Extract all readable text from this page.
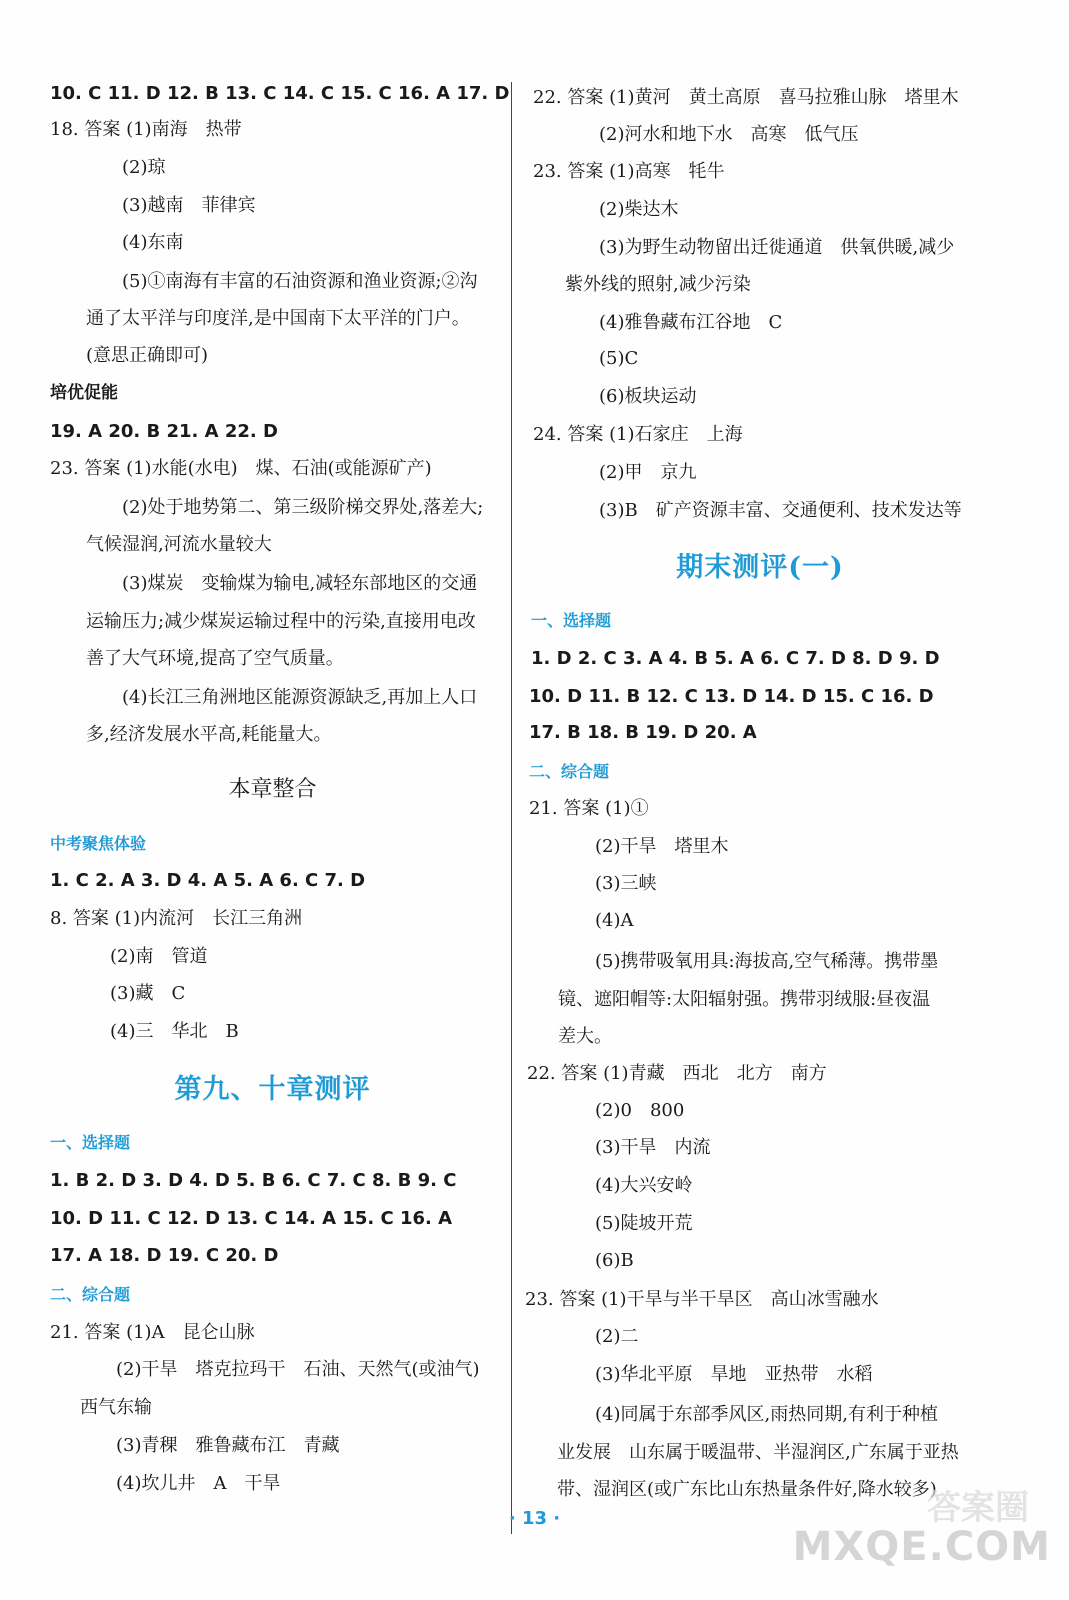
10. C 11. D 12. B 13. C 14. C 15. C 16. A 17. D
18. 答案 (1)南海　热带
(2)琼
(3)越南　菲律宾
(4)东南
(5)①南海有丰富的石油资源和渔业资源;②沟
通了太平洋与印度洋,是中国南下太平洋的门户。
(意思正确即可)
培优促能
19. A 20. B 21. A 22. D
23. 答案 (1)水能(水电)　煤、石油(或能源矿产)
(2)处于地势第二、第三级阶梯交界处,落差大;
气候湿润,河流水量较大
(3)煤炭　变输煤为输电,减轻东部地区的交通
运输压力;减少煤炭运输过程中的污染,直接用电改
善了大气环境,提高了空气质量。
(4)长江三角洲地区能源资源缺乏,再加上人口
多,经济发展水平高,耗能量大。
本章整合
中考聚焦体验
1. C 2. A 3. D 4. A 5. A 6. C 7. D
8. 答案 (1)内流河　长江三角洲
(2)南　管道
(3)藏　C
(4)三　华北　B
第九、十章测评
一、选择题
1. B 2. D 3. D 4. D 5. B 6. C 7. C 8. B 9. C
10. D 11. C 12. D 13. C 14. A 15. C 16. A
17. A 18. D 19. C 20. D
二、综合题
21. 答案 (1)A　昆仑山脉
(2)干旱　塔克拉玛干　石油、天然气(或油气)
西气东输
(3)青稞　雅鲁藏布江　青藏
(4)坎儿井　A　干旱
22. 答案 (1)黄河　黄土高原　喜马拉雅山脉　塔里木
(2)河水和地下水　高寒　低气压
23. 答案 (1)高寒　牦牛
(2)柴达木
(3)为野生动物留出迁徙通道　供氧供暖,减少
紫外线的照射,减少污染
(4)雅鲁藏布江谷地　C
(5)C
(6)板块运动
24. 答案 (1)石家庄　上海
(2)甲　京九
(3)B　矿产资源丰富、交通便利、技术发达等
期末测评(一)
一、选择题
1. D 2. C 3. A 4. B 5. A 6. C 7. D 8. D 9. D
10. D 11. B 12. C 13. D 14. D 15. C 16. D
17. B 18. B 19. D 20. A
二、综合题
21. 答案 (1)①
(2)干旱　塔里木
(3)三峡
(4)A
(5)携带吸氧用具:海拔高,空气稀薄。携带墨
镜、遮阳帽等:太阳辐射强。携带羽绒服:昼夜温
差大。
22. 答案 (1)青藏　西北　北方　南方
(2)0　800
(3)干旱　内流
(4)大兴安岭
(5)陡坡开荒
(6)B
23. 答案 (1)干旱与半干旱区　高山冰雪融水
(2)二
(3)华北平原　旱地　亚热带　水稻
(4)同属于东部季风区,雨热同期,有利于种植
业发展　山东属于暖温带、半湿润区,广东属于亚热
带、湿润区(或广东比山东热量条件好,降水较多)
· 13 ·	答案圈
MXQE.COM
